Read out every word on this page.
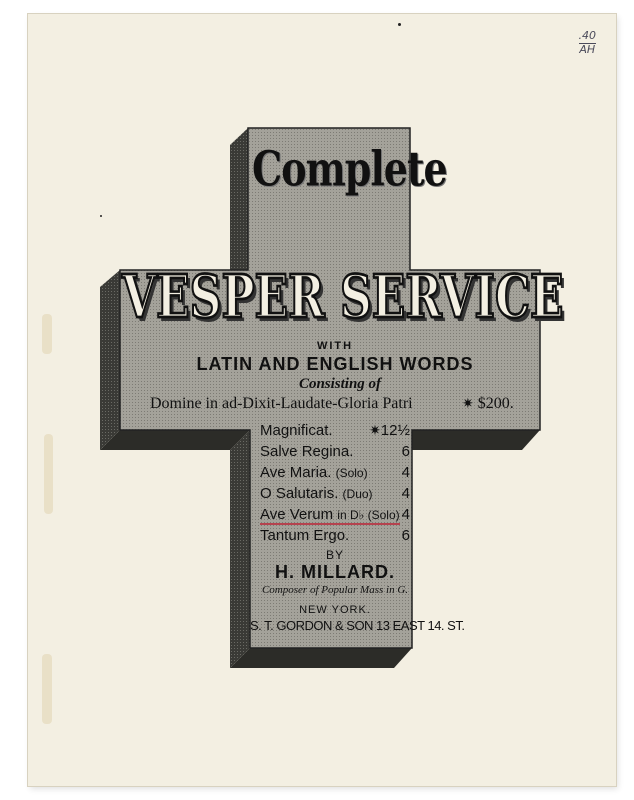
.40
AH
Complete
VESPER SERVICE
WITH
LATIN AND ENGLISH WORDS
Consisting of
Domine in ad-Dixit-Laudate-Gloria Patri	✷ $200.
Magnificat.	✷12½
Salve Regina.	6
Ave Maria. (Solo) 4
O Salutaris. (Duo) 4
Ave Verum in D♭ (Solo) 4
Tantum Ergo.	6
BY
H. MILLARD.
Composer of Popular Mass in G.
NEW YORK.
S. T. GORDON & SON 13 EAST 14. ST.
